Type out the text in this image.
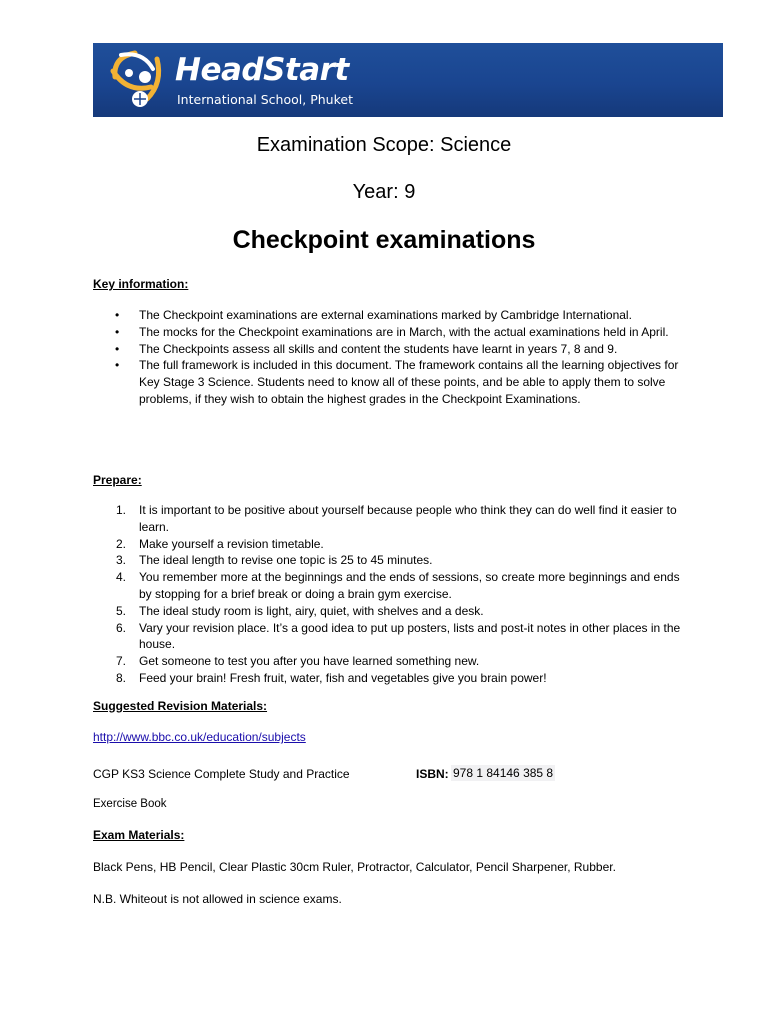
HeadStart
International School, Phuket
Examination Scope: Science
Year: 9
Checkpoint examinations
Key information:
• The Checkpoint examinations are external examinations marked by Cambridge International.
• The mocks for the Checkpoint examinations are in March, with the actual examinations held in April.
• The Checkpoints assess all skills and content the students have learnt in years 7, 8 and 9.
• The full framework is included in this document. The framework contains all the learning objectives for Key Stage 3 Science. Students need to know all of these points, and be able to apply them to solve problems, if they wish to obtain the highest grades in the Checkpoint Examinations.
Prepare:
1. It is important to be positive about yourself because people who think they can do well find it easier to learn.
2. Make yourself a revision timetable.
3. The ideal length to revise one topic is 25 to 45 minutes.
4. You remember more at the beginnings and the ends of sessions, so create more beginnings and ends by stopping for a brief break or doing a brain gym exercise.
5. The ideal study room is light, airy, quiet, with shelves and a desk.
6. Vary your revision place. It’s a good idea to put up posters, lists and post-it notes in other places in the house.
7. Get someone to test you after you have learned something new.
8. Feed your brain! Fresh fruit, water, fish and vegetables give you brain power!
Suggested Revision Materials:
http://www.bbc.co.uk/education/subjects
CGP KS3 Science Complete Study and Practice	ISBN: 978 1 84146 385 8
Exercise Book
Exam Materials:
Black Pens, HB Pencil, Clear Plastic 30cm Ruler, Protractor, Calculator, Pencil Sharpener, Rubber.
N.B. Whiteout is not allowed in science exams.
